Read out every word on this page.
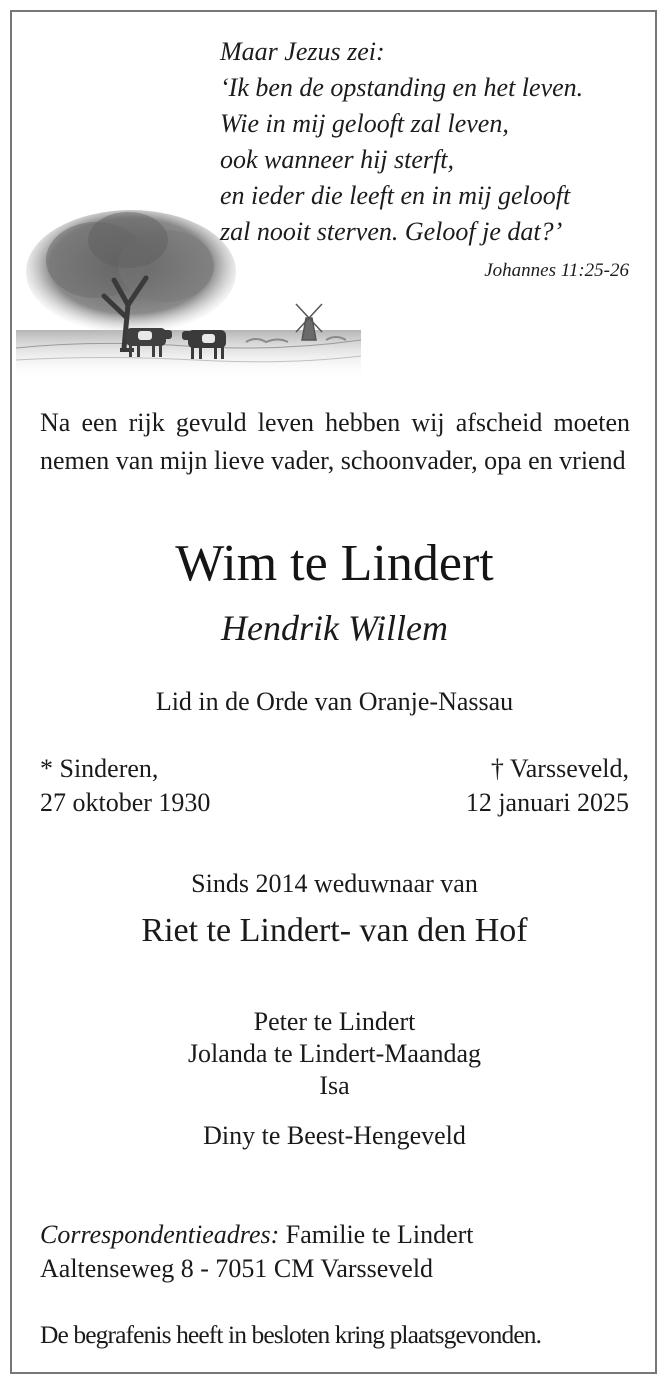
Maar Jezus zei:
‘Ik ben de opstanding en het leven.
Wie in mij gelooft zal leven,
ook wanneer hij sterft,
en ieder die leeft en in mij gelooft
zal nooit sterven. Geloof je dat?’
Johannes 11:25-26
Na een rijk gevuld leven hebben wij afscheid moeten nemen van mijn lieve vader, schoonvader, opa en vriend
Wim te Lindert
Hendrik Willem
Lid in de Orde van Oranje-Nassau
* Sinderen,
27 oktober 1930
† Varsseveld,
12 januari 2025
Sinds 2014 weduwnaar van
Riet te Lindert- van den Hof
Peter te Lindert
Jolanda te Lindert-Maandag
Isa
Diny te Beest-Hengeveld
Correspondentieadres: Familie te Lindert
Aaltenseweg 8 - 7051 CM Varsseveld
De begrafenis heeft in besloten kring plaatsgevonden.
